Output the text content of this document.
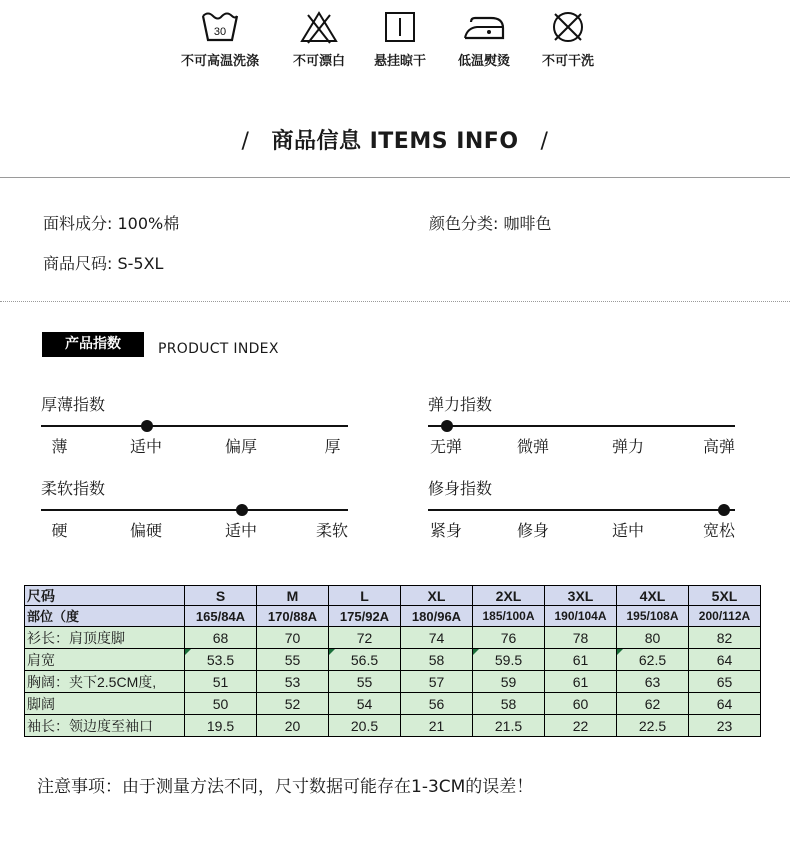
30
不可高温洗涤	不可漂白	悬挂晾干	低温熨烫	不可干洗
/ 商品信息 ITEMS INFO /
面料成分: 100%棉	颜色分类: 咖啡色
商品尺码: S-5XL
产品指数	PRODUCT INDEX
厚薄指数
薄	适中	偏厚	厚
弹力指数
无弹	微弹	弹力	高弹
柔软指数
硬	偏硬	适中	柔软
修身指数
紧身	修身	适中	宽松
尺码	S	M	L	XL	2XL	3XL	4XL	5XL
部位（度	165/84A	170/88A	175/92A	180/96A	185/100A	190/104A	195/108A	200/112A
衫长：肩顶度脚	68	70	72	74	76	78	80	82
肩宽	53.5	55	56.5	58	59.5	61	62.5	64
胸阔：夹下2.5CM度,	51	53	55	57	59	61	63	65
脚阔	50	52	54	56	58	60	62	64
袖长：领边度至袖口	19.5	20	20.5	21	21.5	22	22.5	23
注意事项：由于测量方法不同，尺寸数据可能存在1-3CM的误差！
